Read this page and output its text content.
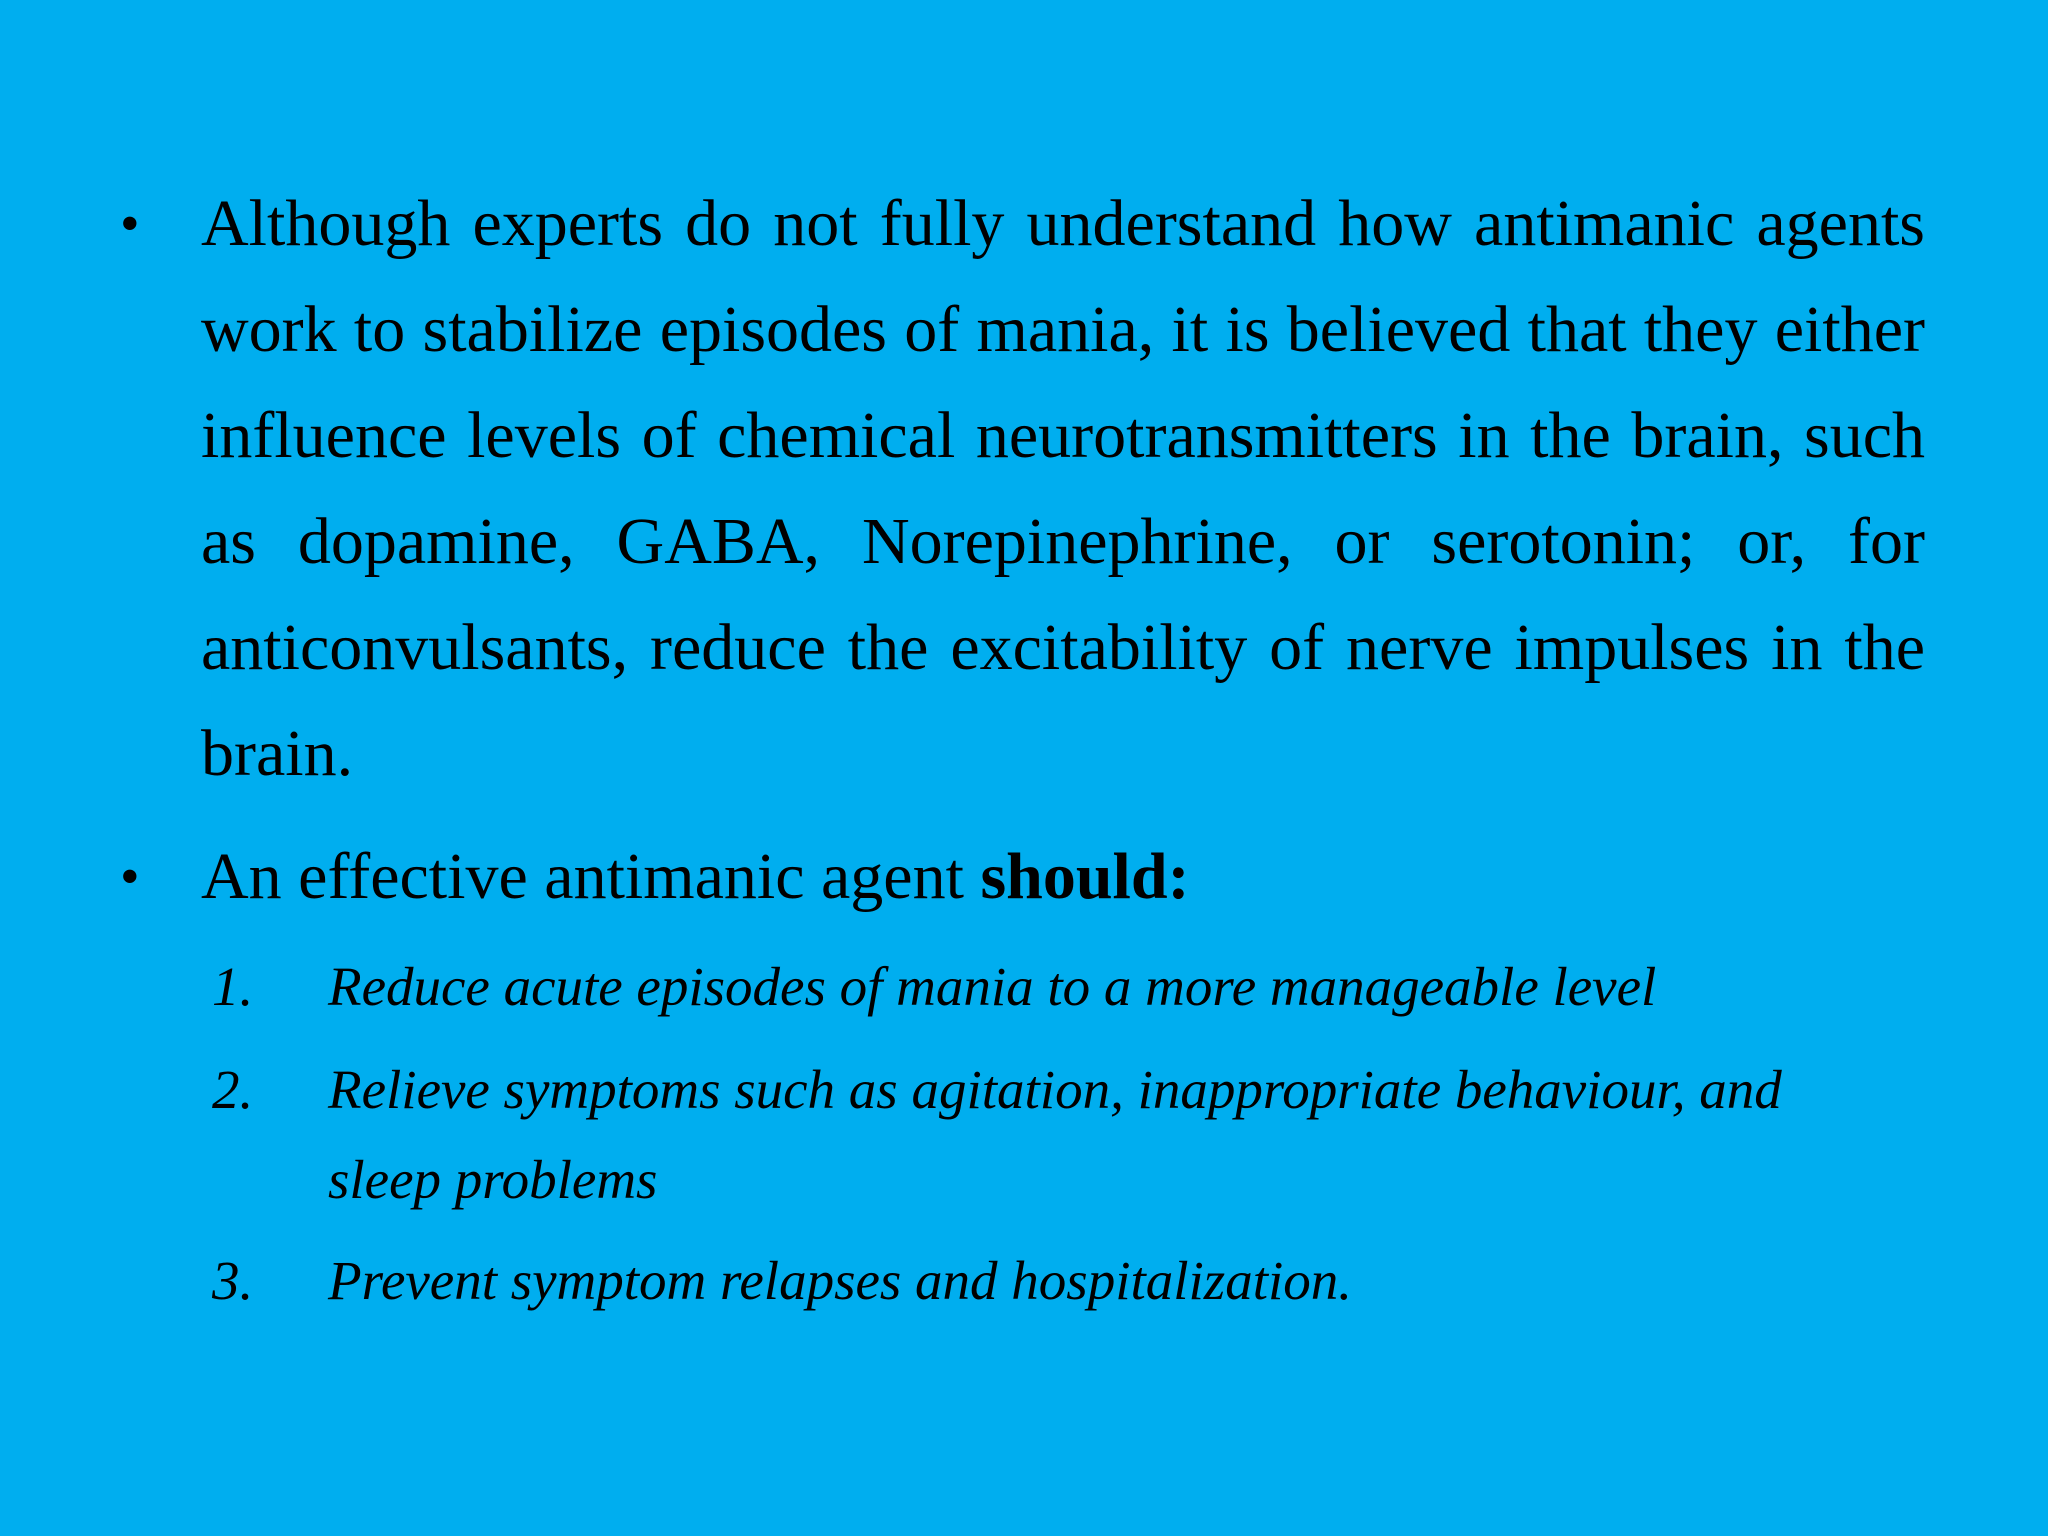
• Although experts do not fully understand how antimanic agents work to stabilize episodes of mania, it is believed that they either influence levels of chemical neurotransmitters in the brain, such as dopamine, GABA, Norepinephrine, or serotonin; or, for anticonvulsants, reduce the excitability of nerve impulses in the brain.
• An effective antimanic agent should:
1.	Reduce acute episodes of mania to a more manageable level
2.	Relieve symptoms such as agitation, inappropriate behaviour, and sleep problems
3.	Prevent symptom relapses and hospitalization.
